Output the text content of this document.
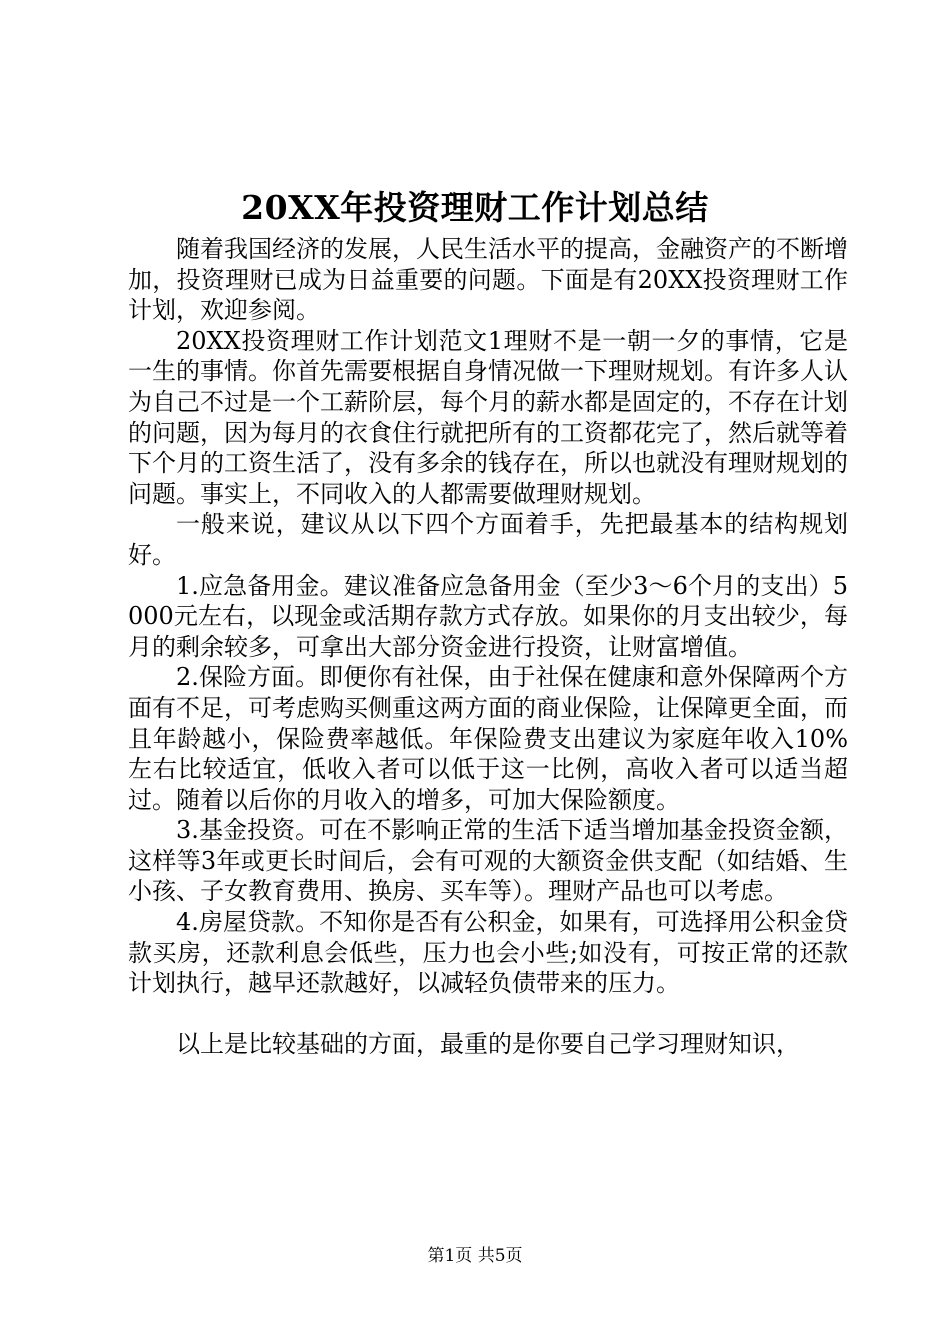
20XX年投资理财工作计划总结

随着我国经济的发展，人民生活水平的提高，金融资产的不断增加，投资理财已成为日益重要的问题。下面是有20XX投资理财工作计划，欢迎参阅。

20XX投资理财工作计划范文1理财不是一朝一夕的事情，它是一生的事情。你首先需要根据自身情况做一下理财规划。有许多人认为自己不过是一个工薪阶层，每个月的薪水都是固定的，不存在计划的问题，因为每月的衣食住行就把所有的工资都花完了，然后就等着下个月的工资生活了，没有多余的钱存在，所以也就没有理财规划的问题。事实上，不同收入的人都需要做理财规划。

一般来说，建议从以下四个方面着手，先把最基本的结构规划好。

1.应急备用金。建议准备应急备用金（至少3～6个月的支出）5000元左右，以现金或活期存款方式存放。如果你的月支出较少，每月的剩余较多，可拿出大部分资金进行投资，让财富增值。

2.保险方面。即便你有社保，由于社保在健康和意外保障两个方面有不足，可考虑购买侧重这两方面的商业保险，让保障更全面，而且年龄越小，保险费率越低。年保险费支出建议为家庭年收入10%左右比较适宜，低收入者可以低于这一比例，高收入者可以适当超过。随着以后你的月收入的增多，可加大保险额度。

3.基金投资。可在不影响正常的生活下适当增加基金投资金额，这样等3年或更长时间后，会有可观的大额资金供支配（如结婚、生小孩、子女教育费用、换房、买车等）。理财产品也可以考虑。

4.房屋贷款。不知你是否有公积金，如果有，可选择用公积金贷款买房，还款利息会低些，压力也会小些;如没有，可按正常的还款计划执行，越早还款越好，以减轻负债带来的压力。

以上是比较基础的方面，最重的是你要自己学习理财知识，

第1页 共5页
